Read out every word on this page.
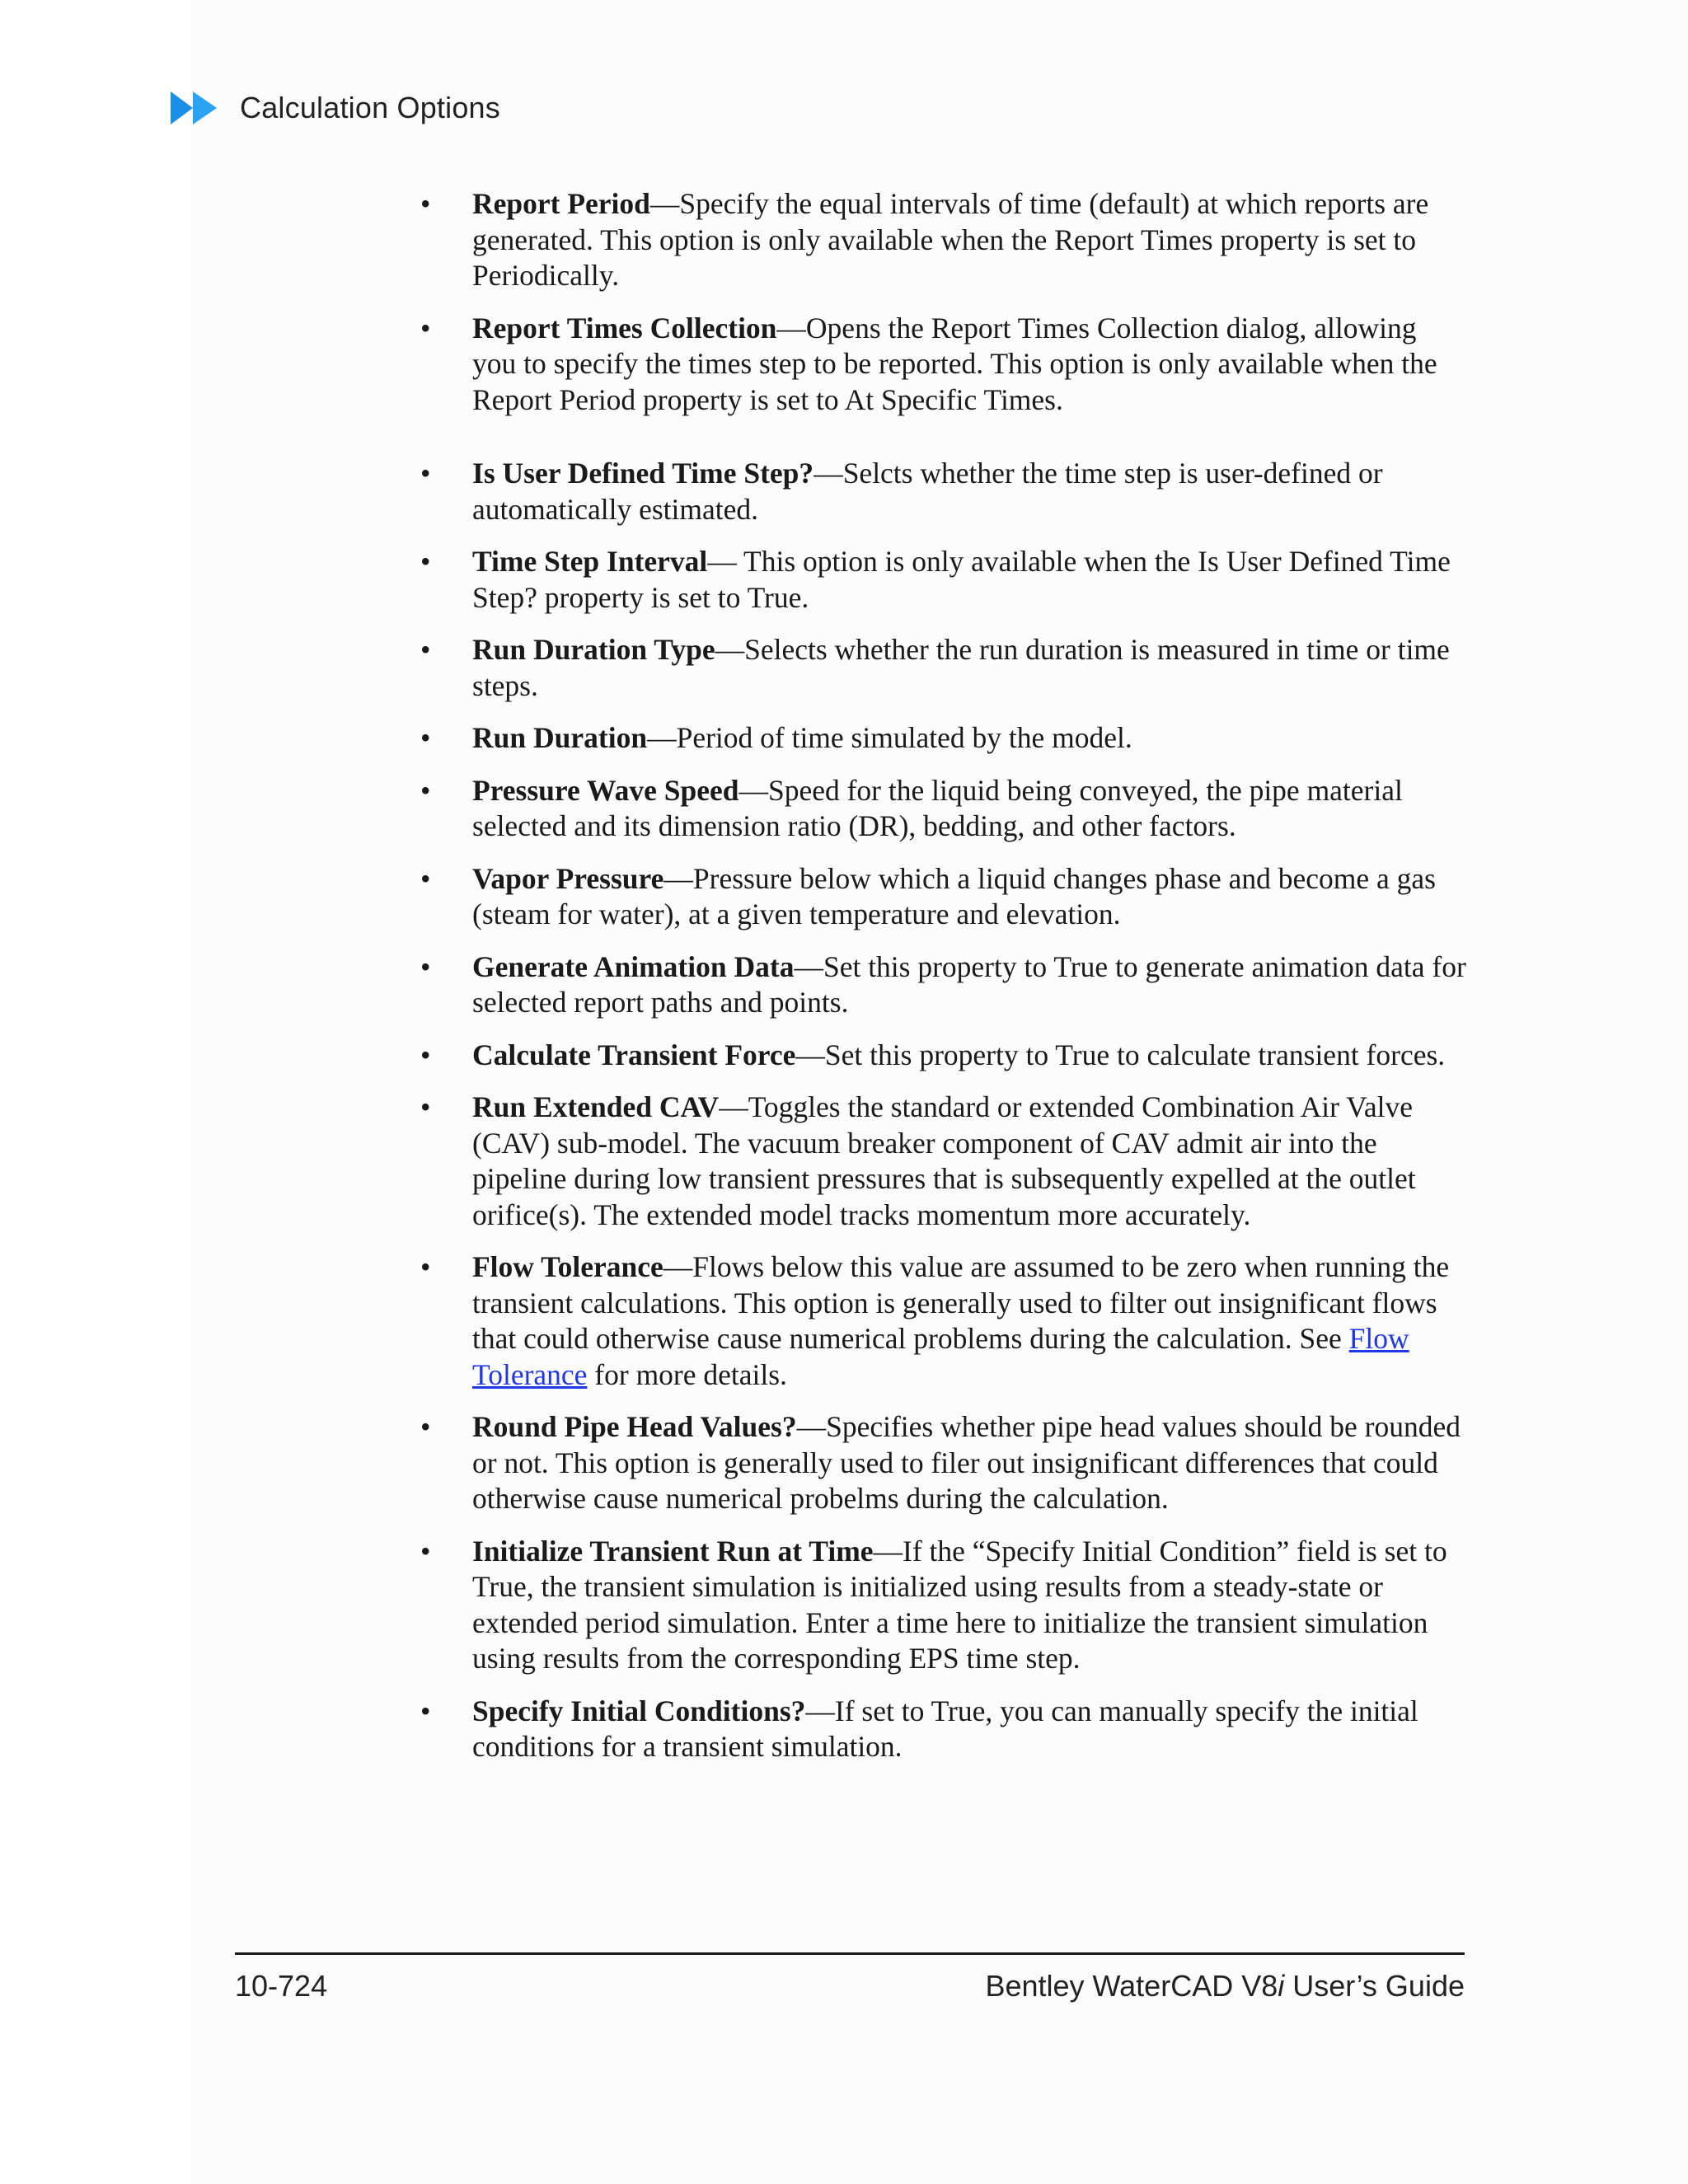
Calculation Options
•	Report Period—Specify the equal intervals of time (default) at which reports are generated. This option is only available when the Report Times property is set to Periodically.
•	Report Times Collection—Opens the Report Times Collection dialog, allowing you to specify the times step to be reported. This option is only available when the Report Period property is set to At Specific Times.
•	Is User Defined Time Step?—Selcts whether the time step is user-defined or automatically estimated.
•	Time Step Interval— This option is only available when the Is User Defined Time Step? property is set to True.
•	Run Duration Type—Selects whether the run duration is measured in time or time steps.
•	Run Duration—Period of time simulated by the model.
•	Pressure Wave Speed—Speed for the liquid being conveyed, the pipe material selected and its dimension ratio (DR), bedding, and other factors.
•	Vapor Pressure—Pressure below which a liquid changes phase and become a gas (steam for water), at a given temperature and elevation.
•	Generate Animation Data—Set this property to True to generate animation data for selected report paths and points.
•	Calculate Transient Force—Set this property to True to calculate transient forces.
•	Run Extended CAV—Toggles the standard or extended Combination Air Valve (CAV) sub-model. The vacuum breaker component of CAV admit air into the pipeline during low transient pressures that is subsequently expelled at the outlet orifice(s). The extended model tracks momentum more accurately.
•	Flow Tolerance—Flows below this value are assumed to be zero when running the transient calculations. This option is generally used to filter out insignificant flows that could otherwise cause numerical problems during the calculation. See Flow Tolerance for more details.
•	Round Pipe Head Values?—Specifies whether pipe head values should be rounded or not. This option is generally used to filer out insignificant differences that could otherwise cause numerical probelms during the calculation.
•	Initialize Transient Run at Time—If the “Specify Initial Condition” field is set to True, the transient simulation is initialized using results from a steady-state or extended period simulation. Enter a time here to initialize the transient simulation using results from the corresponding EPS time step.
•	Specify Initial Conditions?—If set to True, you can manually specify the initial conditions for a transient simulation.
10-724	Bentley WaterCAD V8i User’s Guide
